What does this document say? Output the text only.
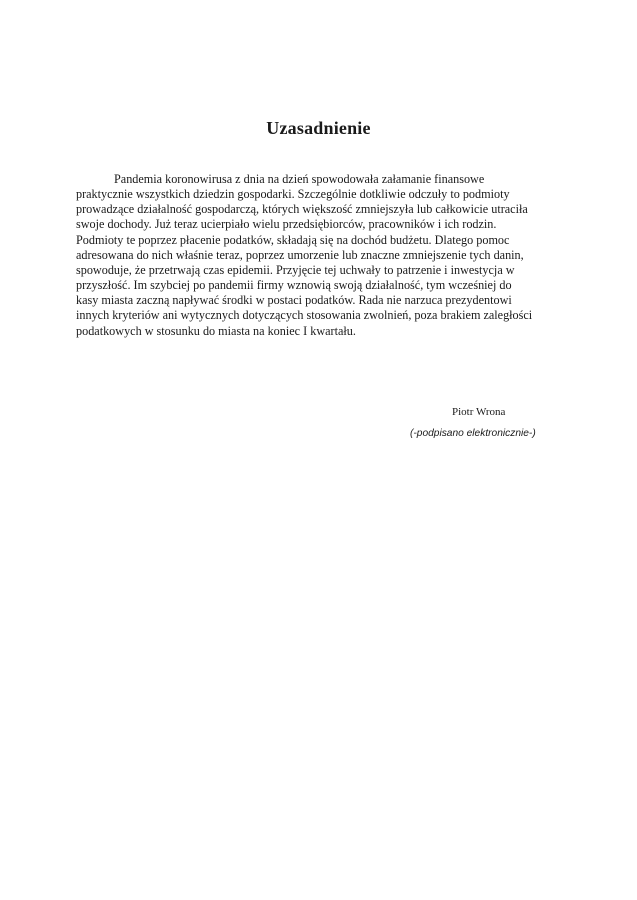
Uzasadnienie

Pandemia koronowirusa z dnia na dzień spowodowała załamanie finansowe
praktycznie wszystkich dziedzin gospodarki. Szczególnie dotkliwie odczuły to podmioty
prowadzące działalność gospodarczą, których większość zmniejszyła lub całkowicie utraciła
swoje dochody. Już teraz ucierpiało wielu przedsiębiorców, pracowników i ich rodzin.
Podmioty te poprzez płacenie podatków, składają się na dochód budżetu. Dlatego pomoc
adresowana do nich właśnie teraz, poprzez umorzenie lub znaczne zmniejszenie tych danin,
spowoduje, że przetrwają czas epidemii. Przyjęcie tej uchwały to patrzenie i inwestycja w
przyszłość. Im szybciej po pandemii firmy wznowią swoją działalność, tym wcześniej do
kasy miasta zaczną napływać środki w postaci podatków. Rada nie narzuca prezydentowi
innych kryteriów ani wytycznych dotyczących stosowania zwolnień, poza brakiem zaległości
podatkowych w stosunku do miasta na koniec I kwartału.

Piotr Wrona

(-podpisano elektronicznie-)
